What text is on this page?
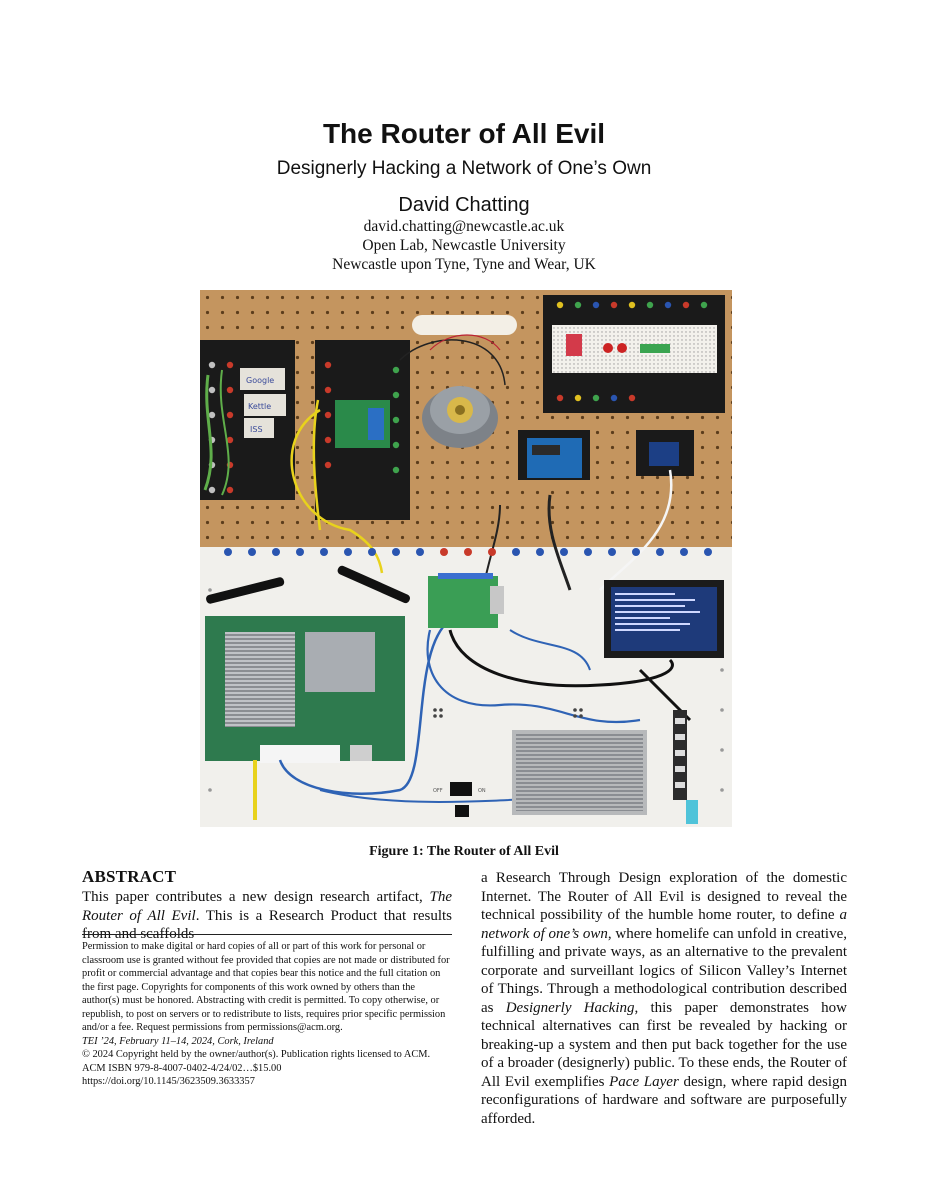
The Router of All Evil
Designerly Hacking a Network of One’s Own
David Chatting
david.chatting@newcastle.ac.uk
Open Lab, Newcastle University
Newcastle upon Tyne, Tyne and Wear, UK
Google
Kettle
ISS
OFF	ON
Figure 1: The Router of All Evil
ABSTRACT

This paper contributes a new design research artifact, The Router of All Evil. This is a Research Product that results from and scaffolds

Permission to make digital or hard copies of all or part of this work for personal or classroom use is granted without fee provided that copies are not made or distributed for profit or commercial advantage and that copies bear this notice and the full citation on the first page. Copyrights for components of this work owned by others than the author(s) must be honored. Abstracting with credit is permitted. To copy otherwise, or republish, to post on servers or to redistribute to lists, requires prior specific permission and/or a fee. Request permissions from permissions@acm.org.

TEI ’24, February 11–14, 2024, Cork, Ireland

© 2024 Copyright held by the owner/author(s). Publication rights licensed to ACM.

ACM ISBN 979-8-4007-0402-4/24/02…$15.00

https://doi.org/10.1145/3623509.3633357

a Research Through Design exploration of the domestic Internet. The Router of All Evil is designed to reveal the technical possibility of the humble home router, to define a network of one’s own, where homelife can unfold in creative, fulfilling and private ways, as an alternative to the prevalent corporate and surveillant logics of Silicon Valley’s Internet of Things. Through a methodological contribution described as Designerly Hacking, this paper demonstrates how technical alternatives can first be revealed by hacking or breaking-up a system and then put back together for the use of a broader (designerly) public. To these ends, the Router of All Evil exemplifies Pace Layer design, where rapid design reconfigurations of hardware and software are purposefully afforded.
